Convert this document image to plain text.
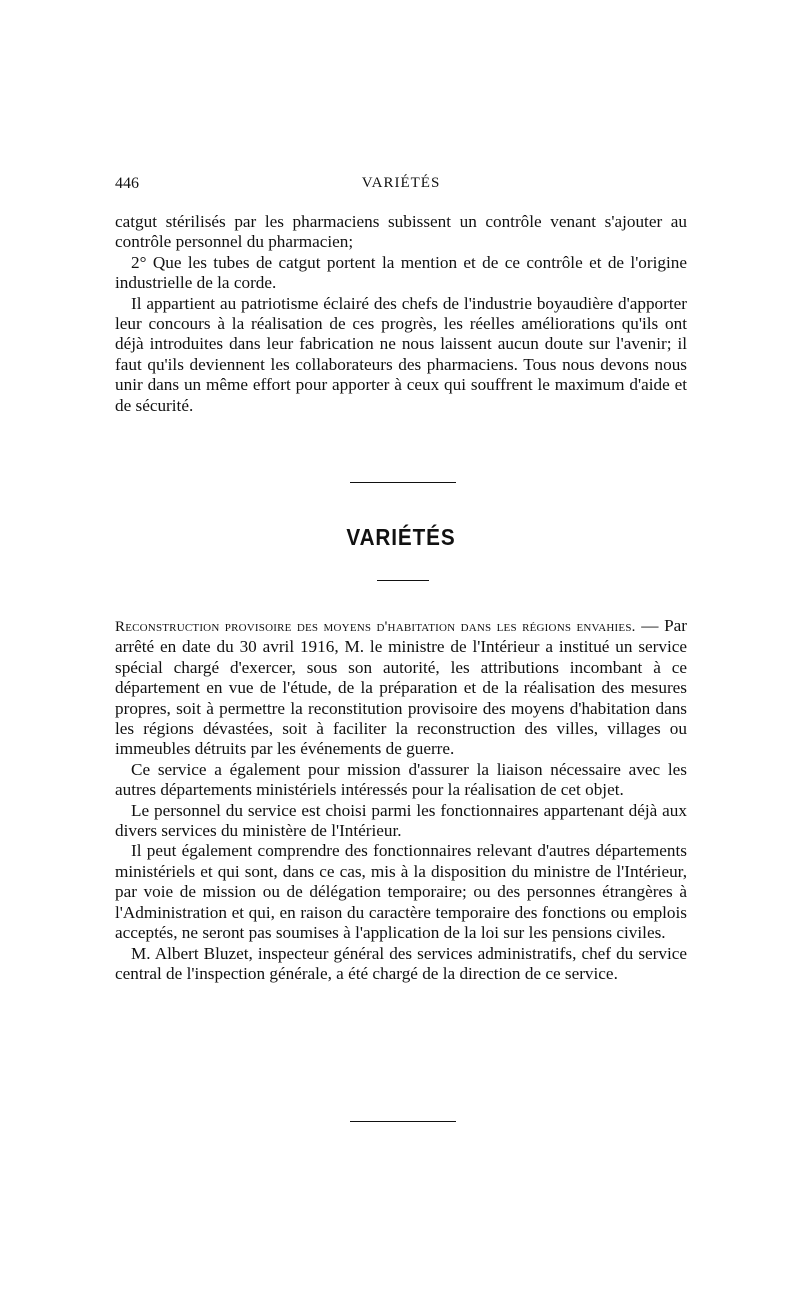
446	VARIÉTÉS

catgut stérilisés par les pharmaciens subissent un contrôle venant s'ajouter au contrôle personnel du pharmacien;

2° Que les tubes de catgut portent la mention et de ce contrôle et de l'origine industrielle de la corde.

Il appartient au patriotisme éclairé des chefs de l'industrie boyaudière d'apporter leur concours à la réalisation de ces progrès, les réelles améliorations qu'ils ont déjà introduites dans leur fabrication ne nous laissent aucun doute sur l'avenir; il faut qu'ils deviennent les collaborateurs des pharmaciens. Tous nous devons nous unir dans un même effort pour apporter à ceux qui souffrent le maximum d'aide et de sécurité.

VARIÉTÉS

Reconstruction provisoire des moyens d'habitation dans les régions envahies. — Par arrêté en date du 30 avril 1916, M. le ministre de l'Intérieur a institué un service spécial chargé d'exercer, sous son autorité, les attributions incombant à ce département en vue de l'étude, de la préparation et de la réalisation des mesures propres, soit à permettre la reconstitution provisoire des moyens d'habitation dans les régions dévastées, soit à faciliter la reconstruction des villes, villages ou immeubles détruits par les événements de guerre.

Ce service a également pour mission d'assurer la liaison nécessaire avec les autres départements ministériels intéressés pour la réalisation de cet objet.

Le personnel du service est choisi parmi les fonctionnaires appartenant déjà aux divers services du ministère de l'Intérieur.

Il peut également comprendre des fonctionnaires relevant d'autres départements ministériels et qui sont, dans ce cas, mis à la disposition du ministre de l'Intérieur, par voie de mission ou de délégation temporaire; ou des personnes étrangères à l'Administration et qui, en raison du caractère temporaire des fonctions ou emplois acceptés, ne seront pas soumises à l'application de la loi sur les pensions civiles.

M. Albert Bluzet, inspecteur général des services administratifs, chef du service central de l'inspection générale, a été chargé de la direction de ce service.
